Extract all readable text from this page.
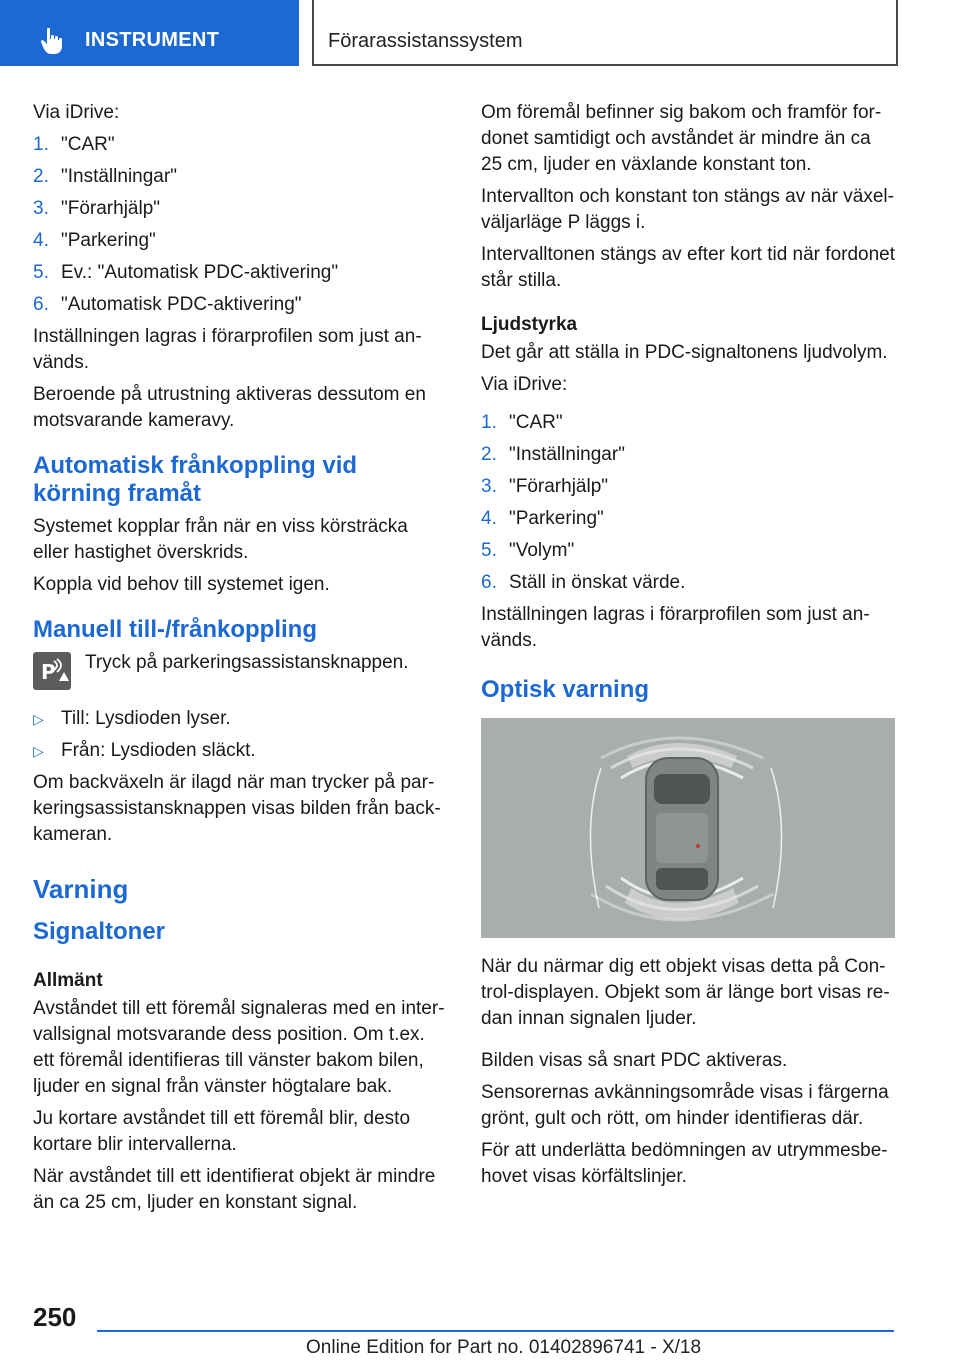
INSTRUMENT	Förarassistanssystem

Via iDrive:

1. "CAR"
2. "Inställningar"
3. "Förarhjälp"
4. "Parkering"
5. Ev.: "Automatisk PDC-aktivering"
6. "Automatisk PDC-aktivering"

Inställningen lagras i förarprofilen som just används.

Beroende på utrustning aktiveras dessutom en motsvarande kameravy.

Automatisk frånkoppling vid körning framåt

Systemet kopplar från när en viss körsträcka eller hastighet överskrids.

Koppla vid behov till systemet igen.

Manuell till-/frånkoppling
P Tryck på parkeringsassistansknappen.
▷ Till: Lysdioden lyser.
▷ Från: Lysdioden släckt.

Om backväxeln är ilagd när man trycker på parkeringsassistansknappen visas bilden från backkameran.

Varning
Signaltoner
Allmänt

Avståndet till ett föremål signaleras med en intervallsignal motsvarande dess position. Om t.ex. ett föremål identifieras till vänster bakom bilen, ljuder en signal från vänster högtalare bak.

Ju kortare avståndet till ett föremål blir, desto kortare blir intervallerna.

När avståndet till ett identifierat objekt är mindre än ca 25 cm, ljuder en konstant signal.

Om föremål befinner sig bakom och framför fordonet samtidigt och avståndet är mindre än ca 25 cm, ljuder en växlande konstant ton.

Intervallton och konstant ton stängs av när växelväljarläge P läggs i.

Intervalltonen stängs av efter kort tid när fordonet står stilla.

Ljudstyrka

Det går att ställa in PDC-signaltonens ljudvolym.

Via iDrive:

1. "CAR"
2. "Inställningar"
3. "Förarhjälp"
4. "Parkering"
5. "Volym"
6. Ställ in önskat värde.

Inställningen lagras i förarprofilen som just används.

Optisk varning

När du närmar dig ett objekt visas detta på Control-displayen. Objekt som är länge bort visas redan innan signalen ljuder.

Bilden visas så snart PDC aktiveras.

Sensorernas avkänningsområde visas i färgerna grönt, gult och rött, om hinder identifieras där.

För att underlätta bedömningen av utrymmesbehovet visas körfältslinjer.

250
Online Edition for Part no. 01402896741 - X/18
